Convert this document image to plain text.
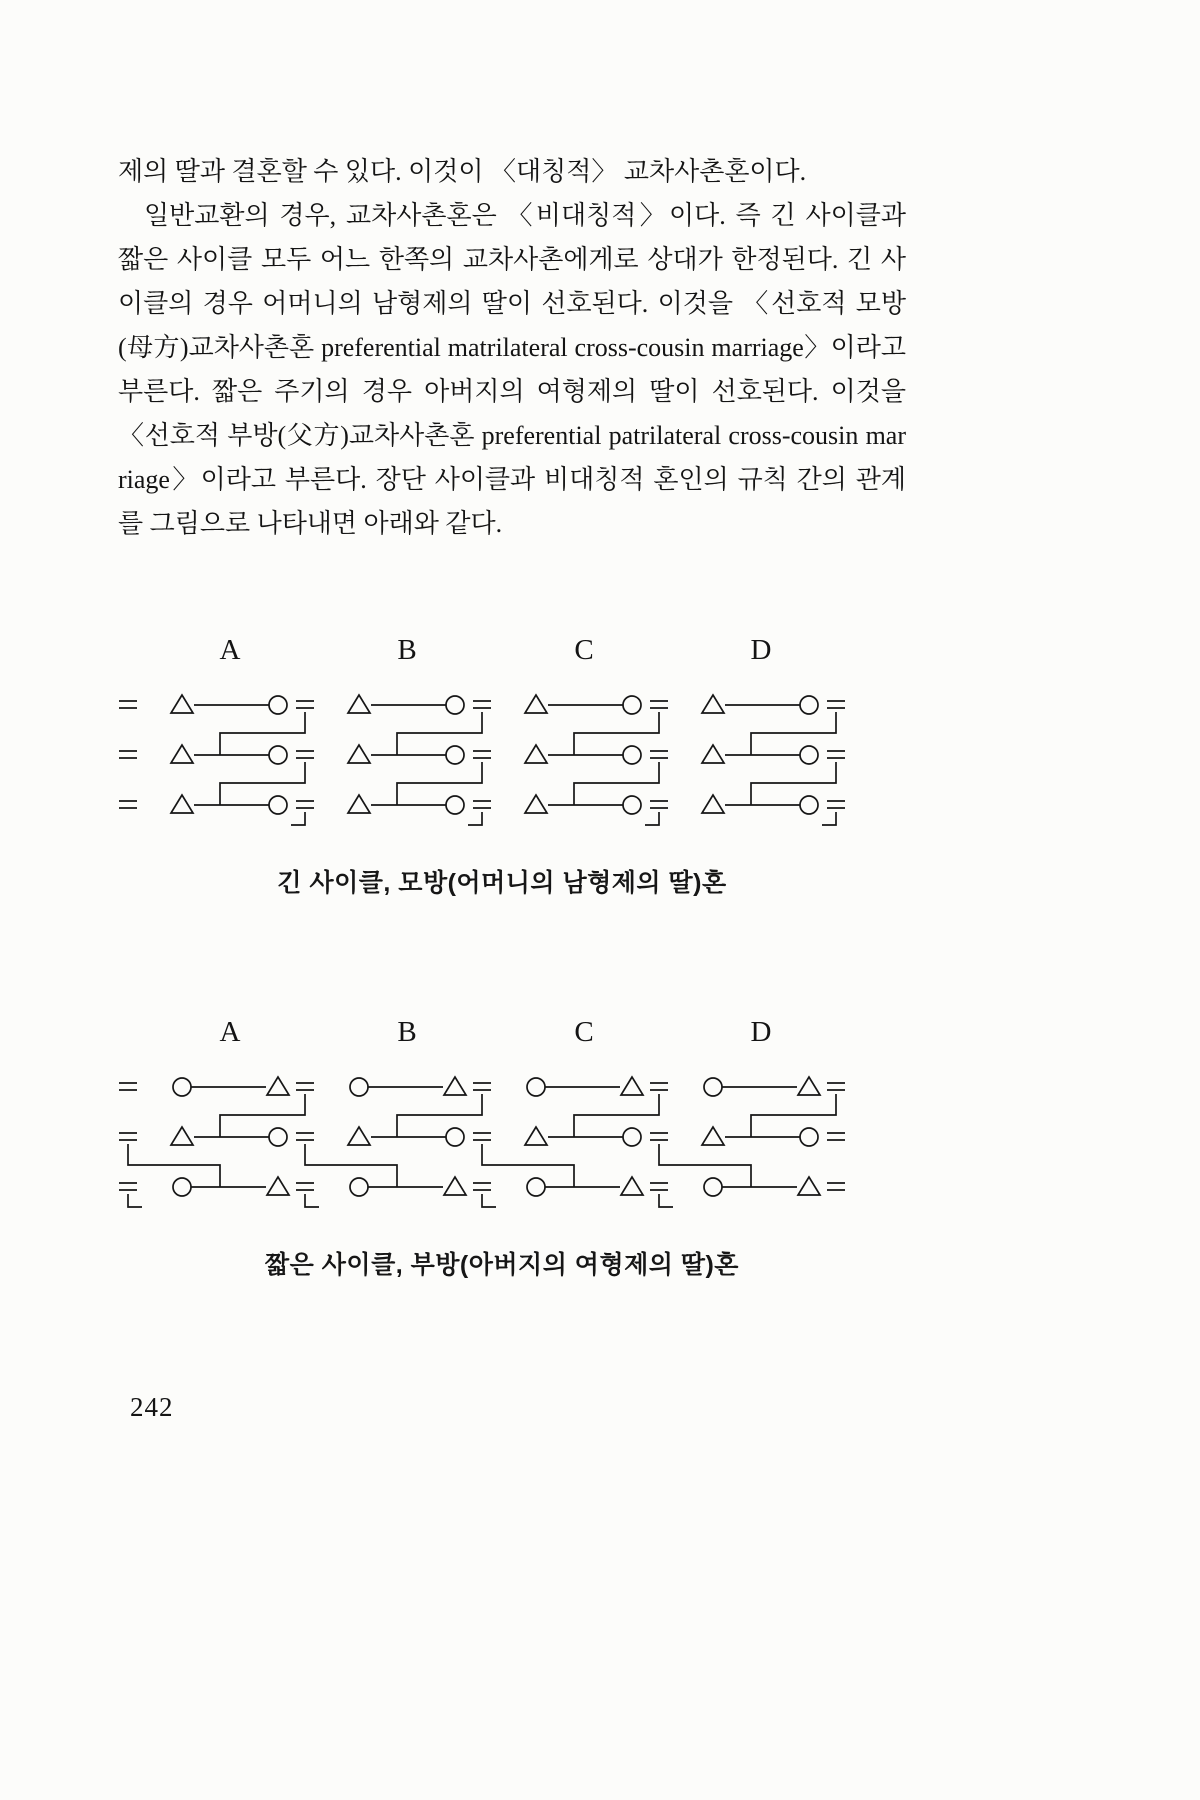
제의 딸과 결혼할 수 있다. 이것이 〈대칭적〉 교차사촌혼이다.

일반교환의 경우, 교차사촌혼은 〈비대칭적〉이다. 즉 긴 사이클과 짧은 사이클 모두 어느 한쪽의 교차사촌에게로 상대가 한정된다. 긴 사이클의 경우 어머니의 남형제의 딸이 선호된다. 이것을 〈선호적 모방(母方)교차사촌혼 preferential matrilateral cross-cousin marriage〉이라고 부른다. 짧은 주기의 경우 아버지의 여형제의 딸이 선호된다. 이것을 〈선호적 부방(父方)교차사촌혼 preferential patrilateral cross-cousin marriage〉이라고 부른다. 장단 사이클과 비대칭적 혼인의 규칙 간의 관계를 그림으로 나타내면 아래와 같다.

A	B	C	D
긴 사이클, 모방(어머니의 남형제의 딸)혼
A	B	C	D
짧은 사이클, 부방(아버지의 여형제의 딸)혼
242
